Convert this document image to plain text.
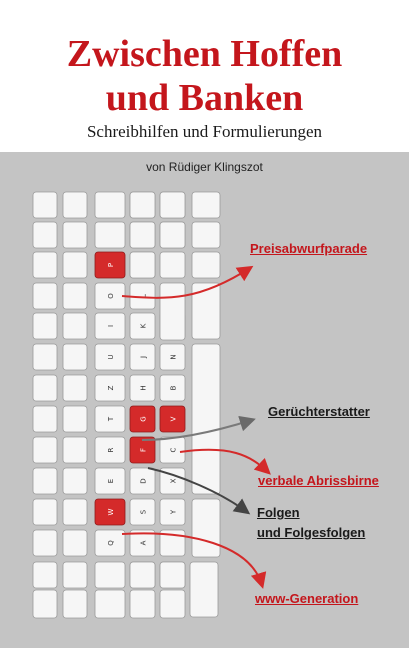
Zwischen Hoffen
und Banken
Schreibhilfen und Formulierungen
von Rüdiger Klingszot
P
O
I
U
Z
T
R
E
W
Q
L
K
J
H
G
F
D
S
A
N
B
V
C
X
Y
Preisabwurfparade
Gerüchterstatter
verbale Abrissbirne
Folgen
und Folgesfolgen
www-Generation
